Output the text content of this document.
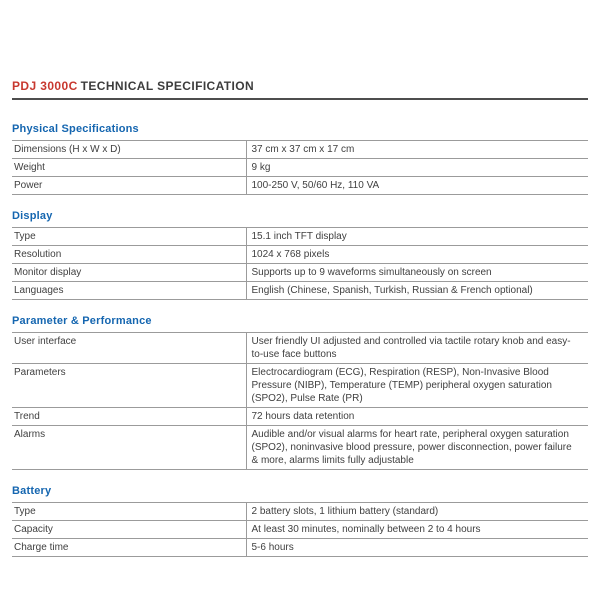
PDJ 3000C TECHNICAL SPECIFICATION
Physical Specifications
Dimensions (H x W x D)	37 cm x 37 cm x 17 cm
Weight	9 kg
Power	100-250 V, 50/60 Hz, 110 VA
Display
Type	15.1 inch TFT display
Resolution	1024 x 768 pixels
Monitor display	Supports up to 9 waveforms simultaneously on screen
Languages	English (Chinese, Spanish, Turkish, Russian & French optional)
Parameter & Performance
User interface	User friendly UI adjusted and controlled via tactile rotary knob and easy-to-use face buttons
Parameters	Electrocardiogram (ECG), Respiration (RESP), Non-Invasive Blood Pressure (NIBP), Temperature (TEMP) peripheral oxygen saturation (SPO2), Pulse Rate (PR)
Trend	72 hours data retention
Alarms	Audible and/or visual alarms for heart rate, peripheral oxygen saturation (SPO2), noninvasive blood pressure, power disconnection, power failure & more, alarms limits fully adjustable
Battery
Type	2 battery slots, 1 lithium battery (standard)
Capacity	At least 30 minutes, nominally between 2 to 4 hours
Charge time	5-6 hours
